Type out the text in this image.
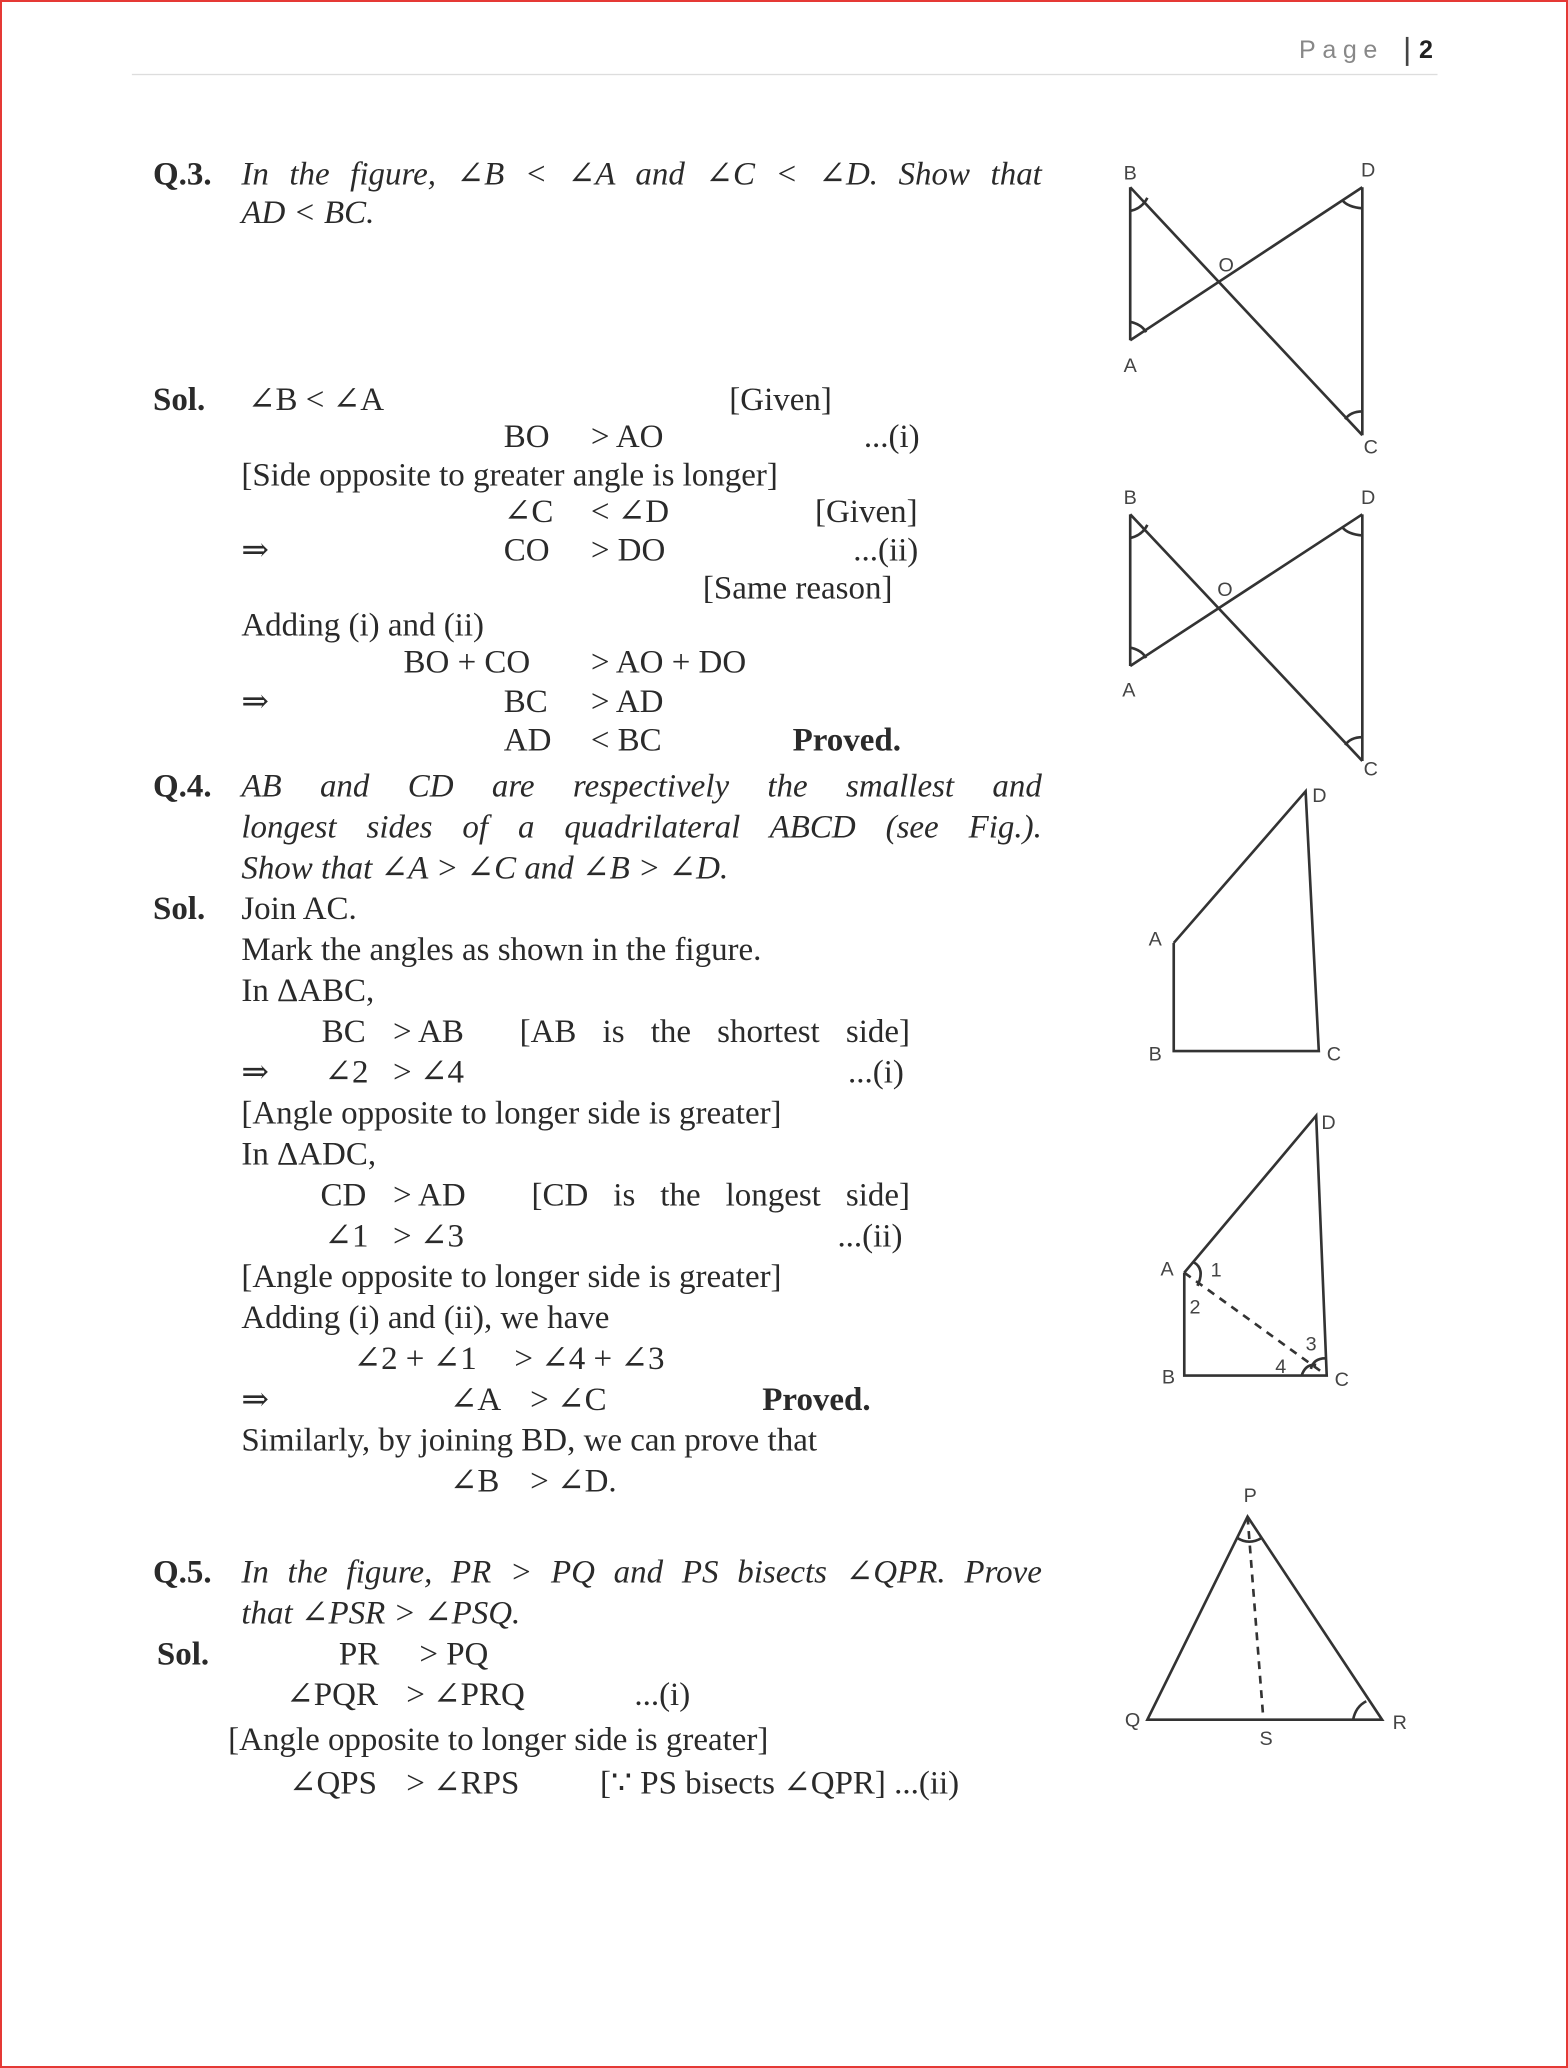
Page	2
Q.3. In the figure, ∠B < ∠A and ∠C < ∠D. Show that
AD < BC.
Sol. ∠B < ∠A	[Given]
BO > AO	...(i)
[Side opposite to greater angle is longer]
∠C < ∠D	[Given]
⇒	CO > DO	...(ii)
[Same reason]
Adding (i) and (ii)
BO + CO > AO + DO
⇒	BC > AD
AD < BC	Proved.
Q.4. AB and CD are respectively the smallest and
longest sides of a quadrilateral ABCD (see Fig.).
Show that ∠A > ∠C and ∠B > ∠D.
Sol. Join AC.
Mark the angles as shown in the figure.
In ΔABC,
BC > AB [AB is the shortest side]
⇒ ∠2 > ∠4	...(i)
[Angle opposite to longer side is greater]
In ΔADC,
CD > AD	[CD is the longest side]
∠1 > ∠3	...(ii)
[Angle opposite to longer side is greater]
Adding (i) and (ii), we have
∠2 + ∠1 > ∠4 + ∠3
⇒	∠A > ∠C	Proved.
Similarly, by joining BD, we can prove that
∠B > ∠D.
Q.5. In the figure, PR > PQ and PS bisects ∠QPR. Prove
that ∠PSR > ∠PSQ.
Sol.	PR > PQ
∠PQR > ∠PRQ	...(i)
[Angle opposite to longer side is greater]
∠QPS > ∠RPS	[∵ PS bisects ∠QPR] ...(ii)
B	D
A
C
O
B	D
A
C
O
A
D
B	C
A
D
B	C
1
2
3
4
P
Q	R
S
